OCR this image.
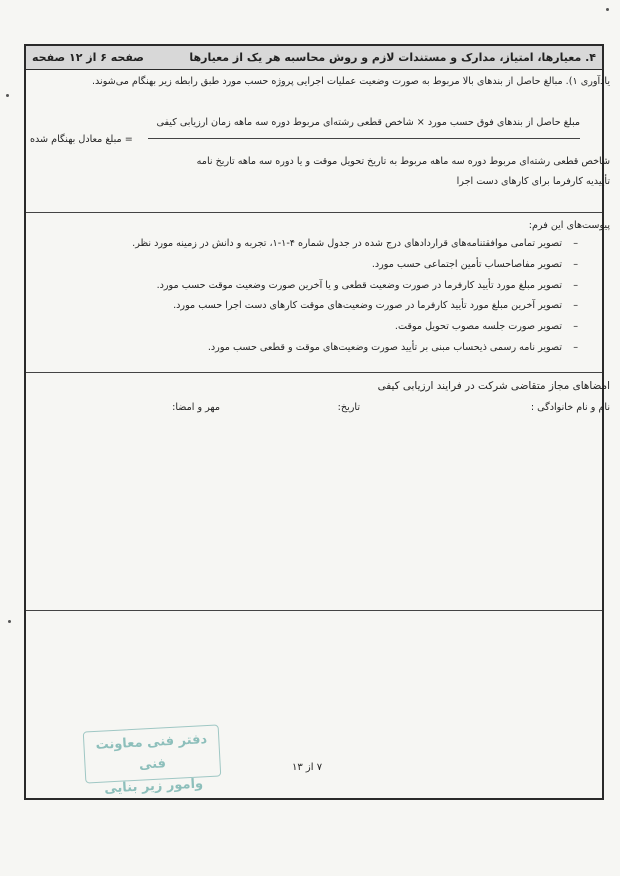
۴. معیارها، امتیاز، مدارک و مستندات لازم و روش محاسبه هر یک از معیارها
صفحه ۶ از ۱۲ صفحه
یادآوری ۱). مبالغ حاصل از بندهای بالا مربوط به صورت وضعیت عملیات اجرایی پروژه حسب مورد طبق رابطه زیر بهنگام می‌شوند.
مبلغ حاصل از بندهای فوق حسب مورد × شاخص قطعی رشته‌ای مربوط دوره سه ماهه زمان ارزیابی کیفی
= مبلغ معادل بهنگام شده
شاخص قطعی رشته‌ای مربوط دوره سه ماهه مربوط به تاریخ تحویل موقت و یا دوره سه ماهه تاریخ نامه
تأییدیه کارفرما برای کارهای دست اجرا
پیوست‌های این فرم:
–
تصویر تمامی موافقتنامه‌های قراردادهای درج شده در جدول شماره ۴-۱-۱، تجربه و دانش در زمینه مورد نظر.
–
تصویر مفاصاحساب تأمین اجتماعی حسب مورد.
–
تصویر مبلغ مورد تأیید کارفرما در صورت وضعیت قطعی و یا آخرین صورت وضعیت موقت حسب مورد.
–
تصویر آخرین مبلغ مورد تأیید کارفرما در صورت وضعیت‌های موقت کارهای دست اجرا حسب مورد.
–
تصویر صورت جلسه مصوب تحویل موقت.
–
تصویر نامه رسمی ذیحساب مبنی بر تأیید صورت وضعیت‌های موقت و قطعی حسب مورد.
امضاهای مجاز متقاضی شرکت در فرایند ارزیابی کیفی
نام و نام خانوادگی :
تاریخ:
مهر و امضا:
دفتر فنی معاونت فنی
وامور زیر بنایی
۷ از ۱۳
